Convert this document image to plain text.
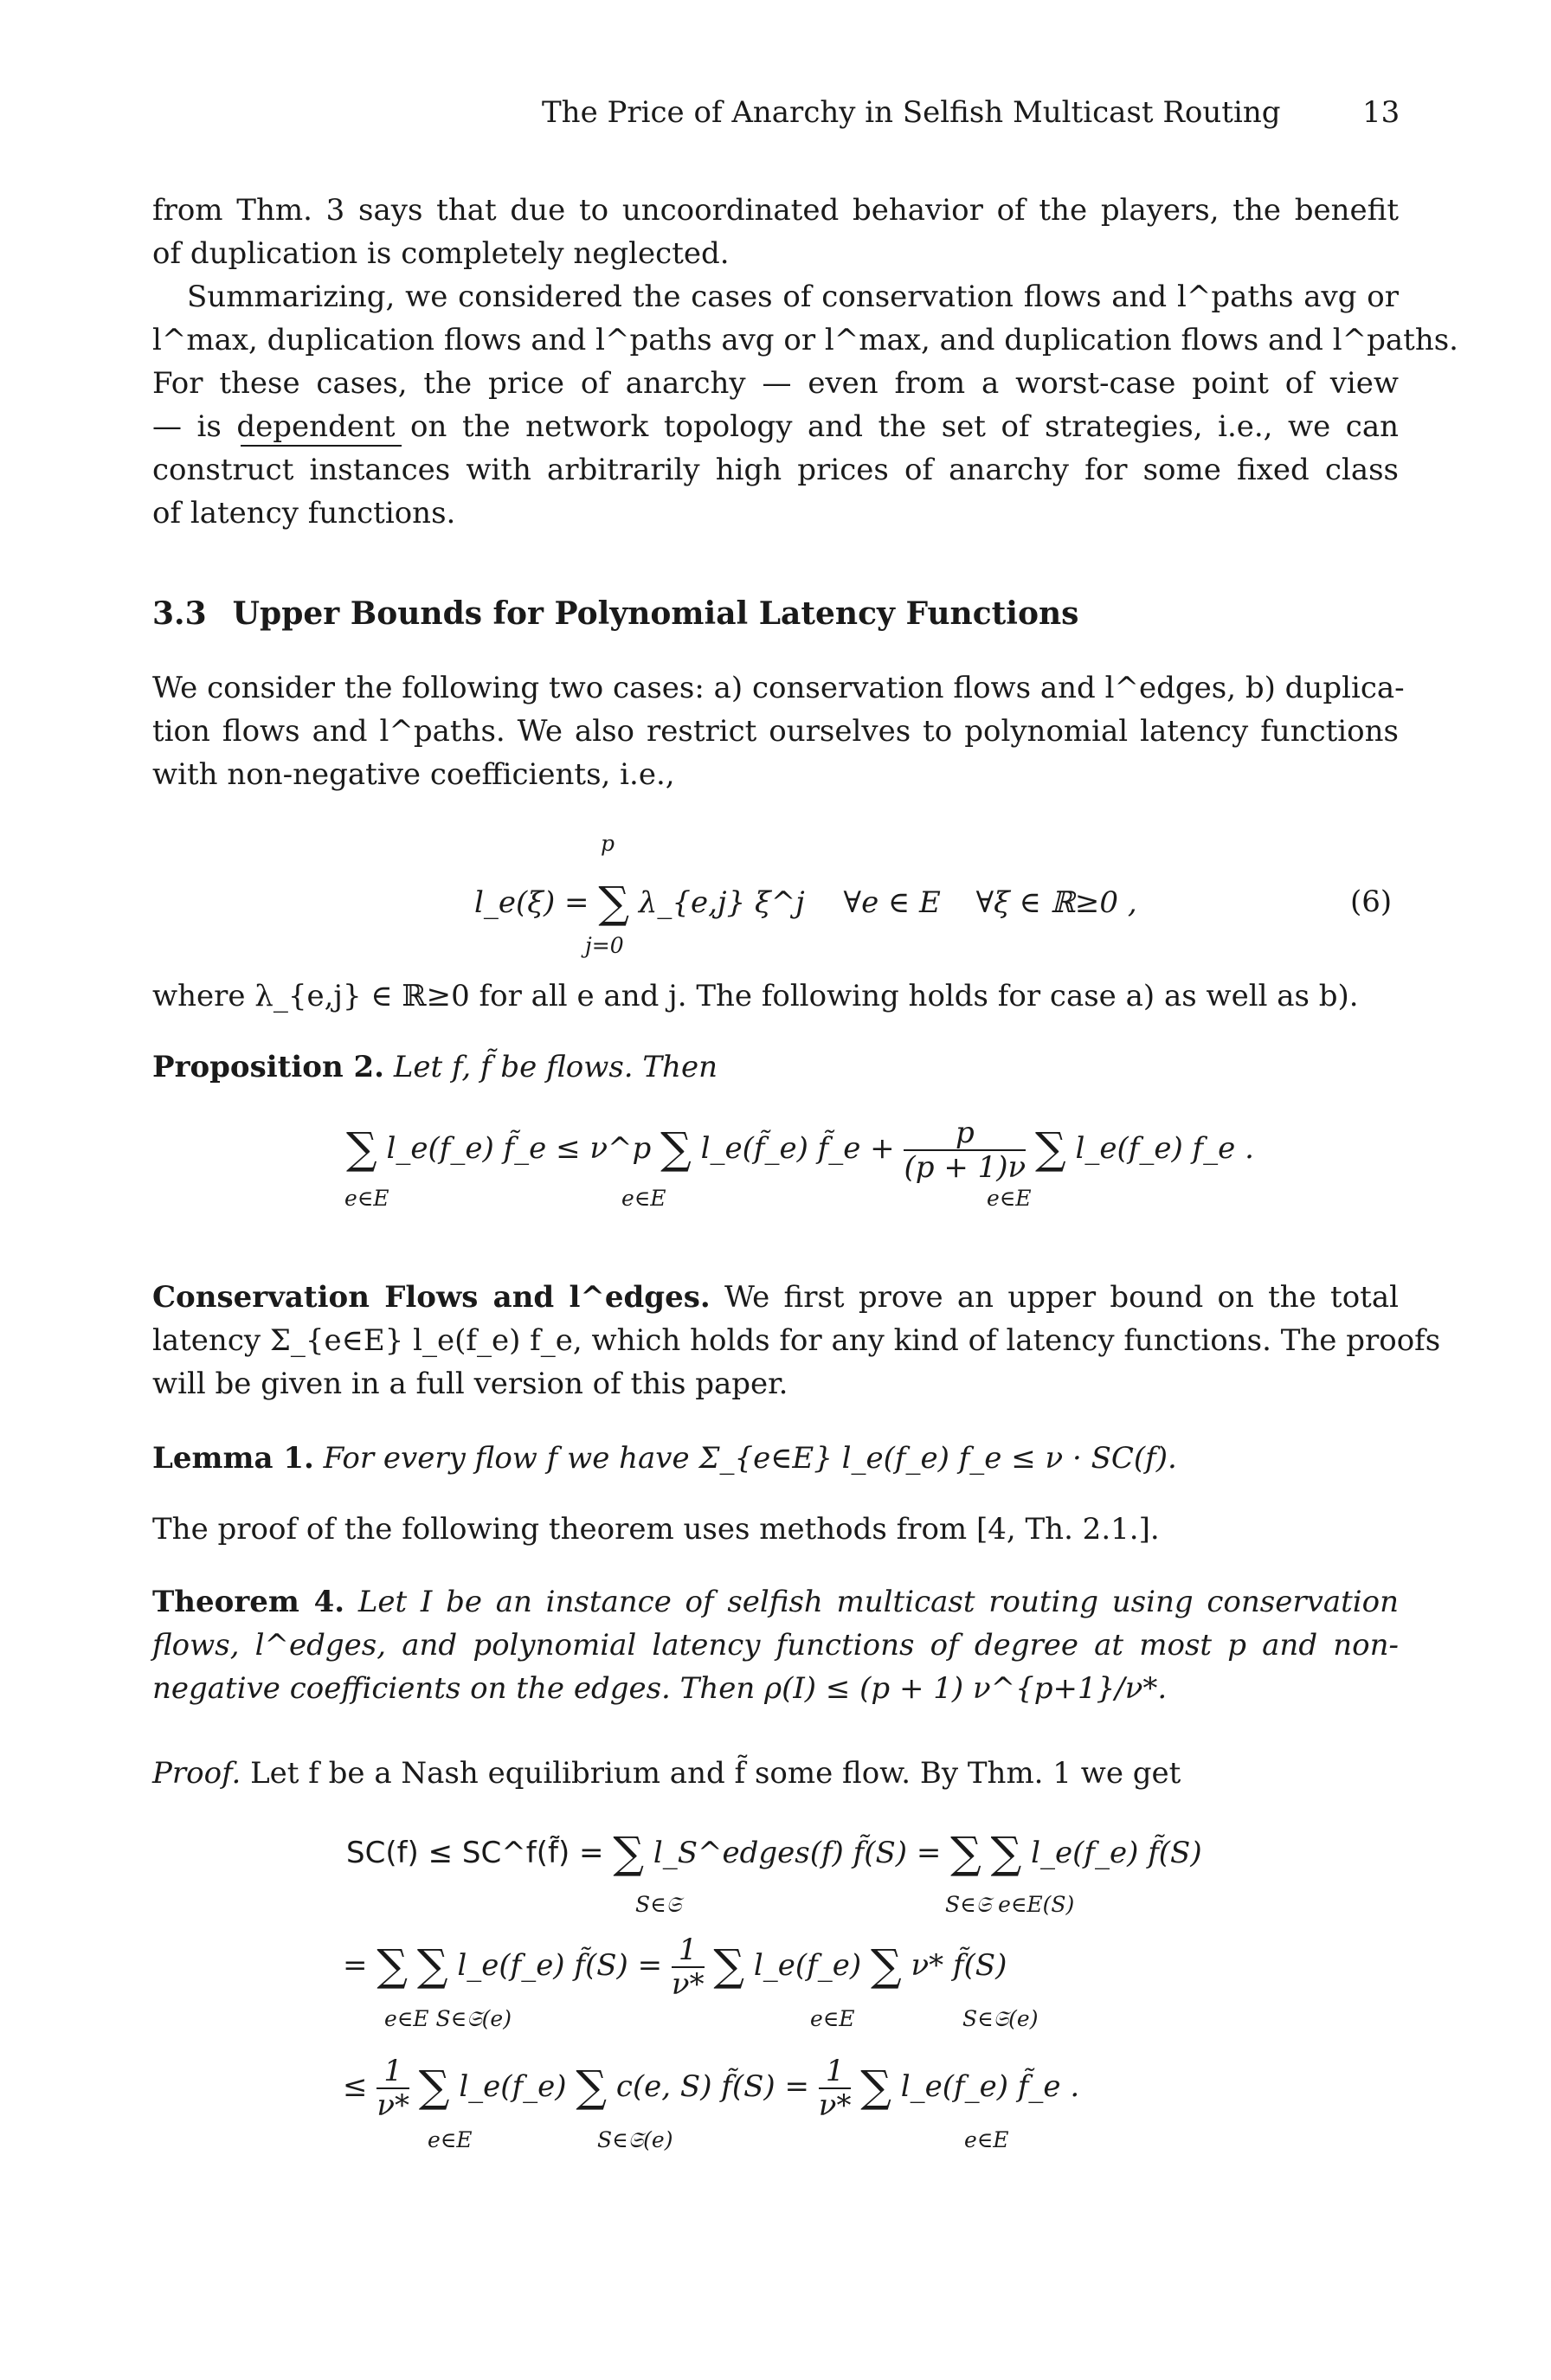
The Price of Anarchy in Selfish Multicast Routing	13
from Thm. 3 says that due to uncoordinated behavior of the players, the benefit
of duplication is completely neglected.
Summarizing, we considered the cases of conservation flows and l^paths avg or
l^max, duplication flows and l^paths avg or l^max, and duplication flows and l^paths.
For these cases, the price of anarchy — even from a worst-case point of view
— is dependent on the network topology and the set of strategies, i.e., we can
construct instances with arbitrarily high prices of anarchy for some fixed class
of latency functions.
3.3 Upper Bounds for Polynomial Latency Functions
We consider the following two cases: a) conservation flows and l^edges, b) duplica-
tion flows and l^paths. We also restrict ourselves to polynomial latency functions
with non-negative coefficients, i.e.,
l_e(ξ) = ∑ λ_{e,j} ξ^j ∀e ∈ E ∀ξ ∈ ℝ≥0 ,
p
j=0
(6)
where λ_{e,j} ∈ ℝ≥0 for all e and j. The following holds for case a) as well as b).
Proposition 2. Let f, f̃ be flows. Then
∑ l_e(f_e) f̃_e ≤ ν^p ∑ l_e(f̃_e) f̃_e + $\frac{p}{(p + 1)\nu}$ ∑ l_e(f_e) f_e .
e∈E	e∈E	e∈E
Conservation Flows and l^edges. We first prove an upper bound on the total
latency Σ_{e∈E} l_e(f_e) f_e, which holds for any kind of latency functions. The proofs
will be given in a full version of this paper.
Lemma 1. For every flow f we have Σ_{e∈E} l_e(f_e) f_e ≤ ν · SC(f).
The proof of the following theorem uses methods from [4, Th. 2.1.].
Theorem 4. Let I be an instance of selfish multicast routing using conservation
flows, l^edges, and polynomial latency functions of degree at most p and non-
negative coefficients on the edges. Then ρ(I) ≤ (p + 1) ν^{p+1}/ν*.
Proof. Let f be a Nash equilibrium and f̃ some flow. By Thm. 1 we get
SC(f) ≤ SC^f(f̃) = ∑ l_S^edges(f) f̃(S) = ∑ ∑ l_e(f_e) f̃(S)
S∈𝔖	S∈𝔖 e∈E(S)
= ∑ ∑ l_e(f_e) f̃(S) = $\frac{1}{\nu*}$ ∑ l_e(f_e) ∑ ν* f̃(S)
e∈E S∈𝔖(e)	e∈E	S∈𝔖(e)
≤ $\frac{1}{\nu*}$ ∑ l_e(f_e) ∑ c(e, S) f̃(S) = $\frac{1}{\nu*}$ ∑ l_e(f_e) f̃_e .
e∈E	S∈𝔖(e)	e∈E
